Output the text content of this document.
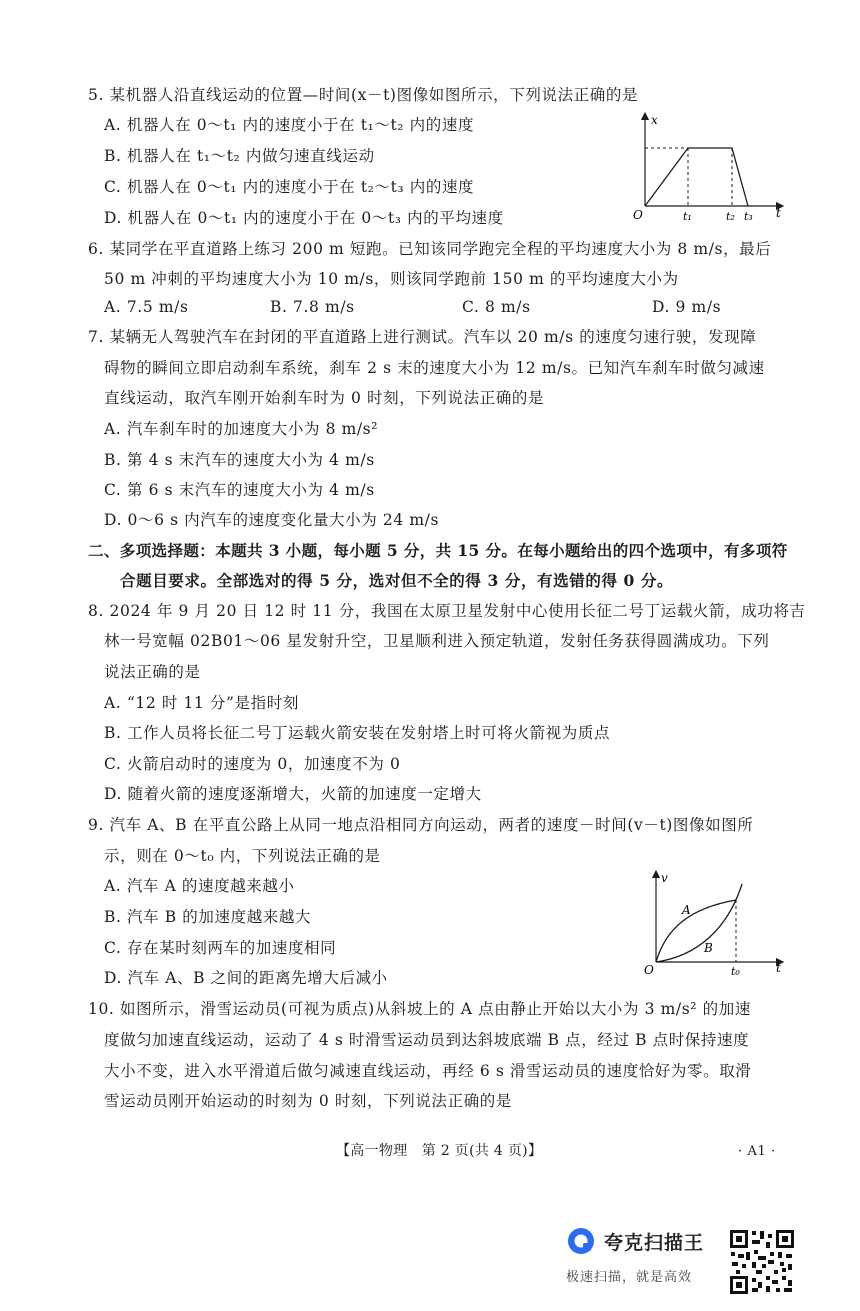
5. 某机器人沿直线运动的位置—时间(x－t)图像如图所示，下列说法正确的是
A. 机器人在 0～t₁ 内的速度小于在 t₁～t₂ 内的速度
B. 机器人在 t₁～t₂ 内做匀速直线运动
C. 机器人在 0～t₁ 内的速度小于在 t₂～t₃ 内的速度
D. 机器人在 0～t₁ 内的速度小于在 0～t₃ 内的平均速度
x
t
O	t₁	t₂ t₃
6. 某同学在平直道路上练习 200 m 短跑。已知该同学跑完全程的平均速度大小为 8 m/s，最后
50 m 冲刺的平均速度大小为 10 m/s，则该同学跑前 150 m 的平均速度大小为
A. 7.5 m/s	B. 7.8 m/s	C. 8 m/s	D. 9 m/s
7. 某辆无人驾驶汽车在封闭的平直道路上进行测试。汽车以 20 m/s 的速度匀速行驶，发现障
碍物的瞬间立即启动刹车系统，刹车 2 s 末的速度大小为 12 m/s。已知汽车刹车时做匀减速
直线运动，取汽车刚开始刹车时为 0 时刻，下列说法正确的是
A. 汽车刹车时的加速度大小为 8 m/s²
B. 第 4 s 末汽车的速度大小为 4 m/s
C. 第 6 s 末汽车的速度大小为 4 m/s
D. 0～6 s 内汽车的速度变化量大小为 24 m/s
二、多项选择题：本题共 3 小题，每小题 5 分，共 15 分。在每小题给出的四个选项中，有多项符
合题目要求。全部选对的得 5 分，选对但不全的得 3 分，有选错的得 0 分。
8. 2024 年 9 月 20 日 12 时 11 分，我国在太原卫星发射中心使用长征二号丁运载火箭，成功将吉
林一号宽幅 02B01～06 星发射升空，卫星顺利进入预定轨道，发射任务获得圆满成功。下列
说法正确的是
A. “12 时 11 分”是指时刻
B. 工作人员将长征二号丁运载火箭安装在发射塔上时可将火箭视为质点
C. 火箭启动时的速度为 0，加速度不为 0
D. 随着火箭的速度逐渐增大，火箭的加速度一定增大
9. 汽车 A、B 在平直公路上从同一地点沿相同方向运动，两者的速度－时间(v－t)图像如图所
示，则在 0～t₀ 内，下列说法正确的是
A. 汽车 A 的速度越来越小
B. 汽车 B 的加速度越来越大
C. 存在某时刻两车的加速度相同
D. 汽车 A、B 之间的距离先增大后减小
v
t
O
A
B
t₀
10. 如图所示，滑雪运动员(可视为质点)从斜坡上的 A 点由静止开始以大小为 3 m/s² 的加速
度做匀加速直线运动，运动了 4 s 时滑雪运动员到达斜坡底端 B 点，经过 B 点时保持速度
大小不变，进入水平滑道后做匀减速直线运动，再经 6 s 滑雪运动员的速度恰好为零。取滑
雪运动员刚开始运动的时刻为 0 时刻，下列说法正确的是
【高一物理　第 2 页(共 4 页)】	· A1 ·
夸克扫描王
极速扫描，就是高效
